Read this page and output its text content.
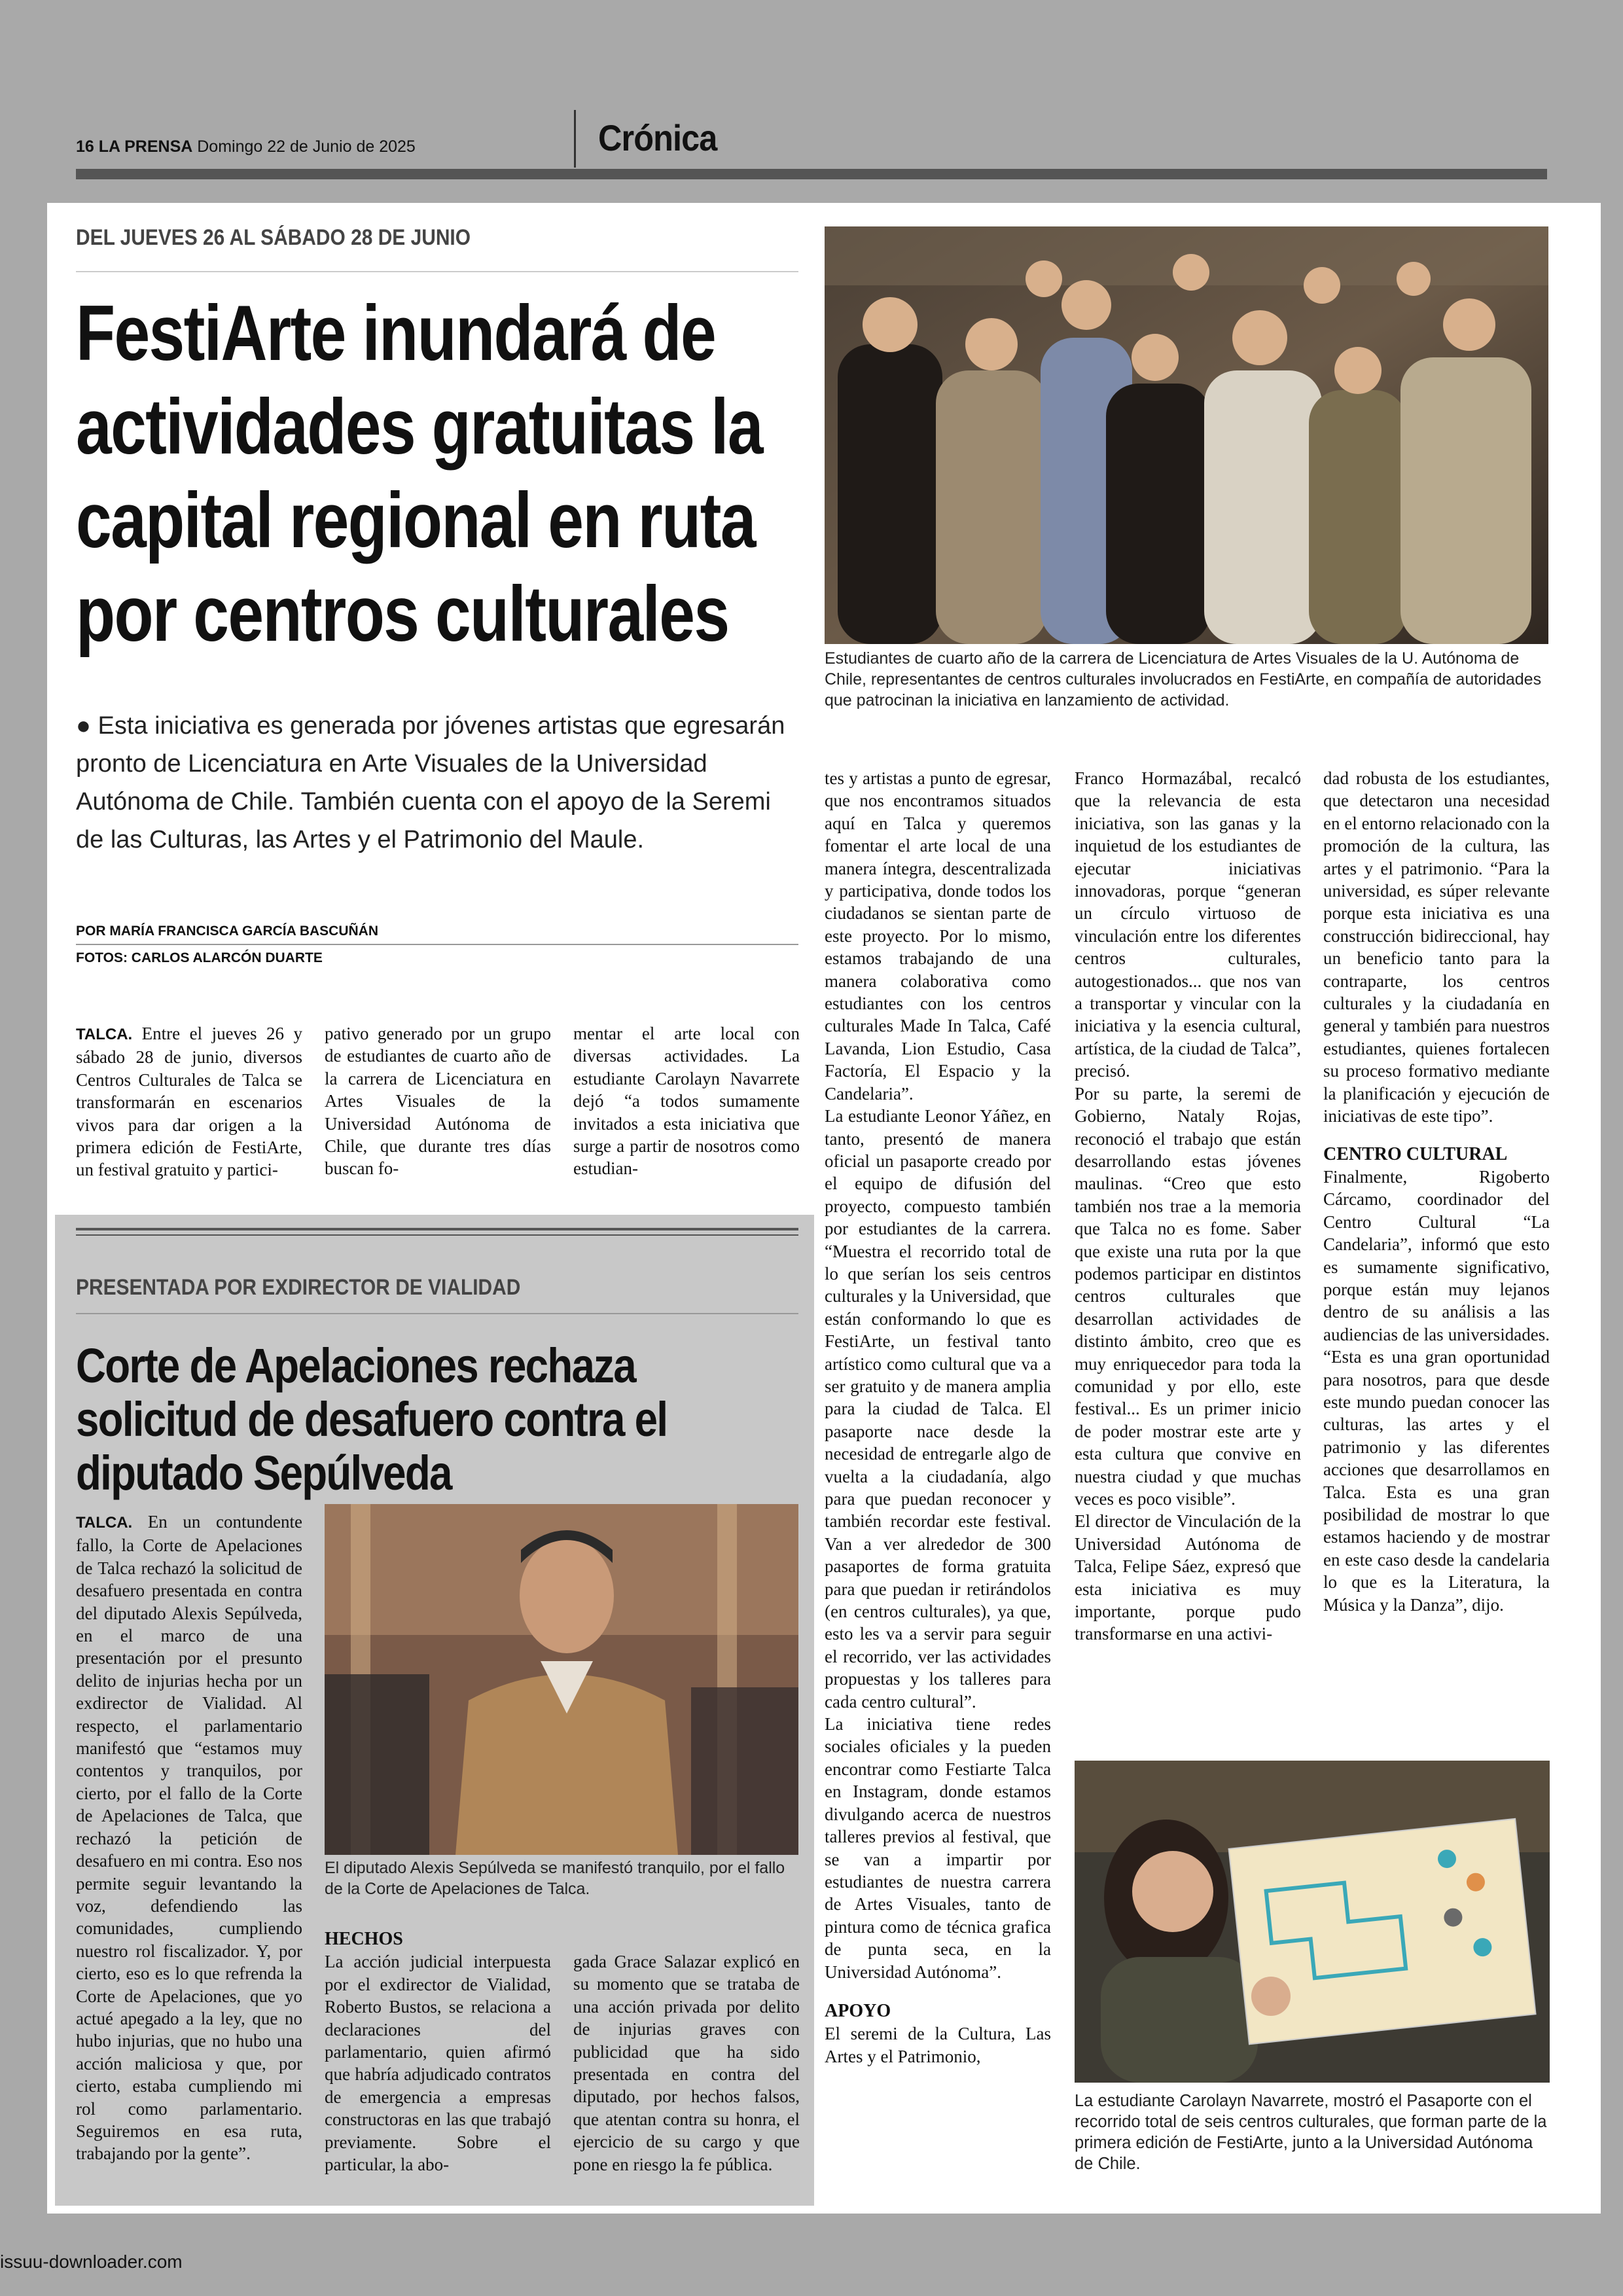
16 LA PRENSA Domingo 22 de Junio de 2025	Crónica
DEL JUEVES 26 AL SÁBADO 28 DE JUNIO
FestiArte inundará de actividades gratuitas la capital regional en ruta por centros culturales
● Esta iniciativa es generada por jóvenes artistas que egresarán pronto de Licenciatura en Arte Visuales de la Universidad Autónoma de Chile. También cuenta con el apoyo de la Seremi de las Culturas, las Artes y el Patrimonio del Maule.
POR MARÍA FRANCISCA GARCÍA BASCUÑÁN
FOTOS: CARLOS ALARCÓN DUARTE
Estudiantes de cuarto año de la carrera de Licenciatura de Artes Visuales de la U. Autónoma de Chile, representantes de centros culturales involucrados en FestiArte, en compañía de autoridades que patrocinan la iniciativa en lanzamiento de actividad.

TALCA. Entre el jueves 26 y sábado 28 de junio, diversos Centros Culturales de Talca se transformarán en escenarios vivos para dar origen a la primera edición de FestiArte, un festival gratuito y partici-

pativo generado por un grupo de estudiantes de cuarto año de la carrera de Licenciatura en Artes Visuales de la Universidad Autónoma de Chile, que durante tres días buscan fo-

mentar el arte local con diversas actividades. La estudiante Carolayn Navarrete dejó “a todos sumamente invitados a esta iniciativa que surge a partir de nosotros como estudian-

tes y artistas a punto de egresar, que nos encontramos situados aquí en Talca y queremos fomentar el arte local de una manera íntegra, descentralizada y participativa, donde todos los ciudadanos se sientan parte de este proyecto. Por lo mismo, estamos trabajando de una manera colaborativa como estudiantes con los centros culturales Made In Talca, Café Lavanda, Lion Estudio, Casa Factoría, El Espacio y la Candelaria”.

La estudiante Leonor Yáñez, en tanto, presentó de manera oficial un pasaporte creado por el equipo de difusión del proyecto, compuesto también por estudiantes de la carrera. “Muestra el recorrido total de lo que serían los seis centros culturales y la Universidad, que están conformando lo que es FestiArte, un festival tanto artístico como cultural que va a ser gratuito y de manera amplia para la ciudad de Talca. El pasaporte nace desde la necesidad de entregarle algo de vuelta a la ciudadanía, algo para que puedan reconocer y también recordar este festival. Van a ver alrededor de 300 pasaportes de forma gratuita para que puedan ir retirándolos (en centros culturales), ya que, esto les va a servir para seguir el recorrido, ver las actividades propuestas y los talleres para cada centro cultural”.

La iniciativa tiene redes sociales oficiales y la pueden encontrar como Festiarte Talca en Instagram, donde estamos divulgando acerca de nuestros talleres previos al festival, que se van a impartir por estudiantes de nuestra carrera de Artes Visuales, tanto de pintura como de técnica grafica de punta seca, en la Universidad Autónoma”.

APOYO

El seremi de la Cultura, Las Artes y el Patrimonio,

Franco Hormazábal, recalcó que la relevancia de esta iniciativa, son las ganas y la inquietud de los estudiantes de ejecutar iniciativas innovadoras, porque “generan un círculo virtuoso de vinculación entre los diferentes centros culturales, autogestionados... que nos van a transportar y vincular con la iniciativa y la esencia cultural, artística, de la ciudad de Talca”, precisó.

Por su parte, la seremi de Gobierno, Nataly Rojas, reconoció el trabajo que están desarrollando estas jóvenes maulinas. “Creo que esto también nos trae a la memoria que Talca no es fome. Saber que existe una ruta por la que podemos participar en distintos centros culturales que desarrollan actividades de distinto ámbito, creo que es muy enriquecedor para toda la comunidad y por ello, este festival... Es un primer inicio de poder mostrar este arte y esta cultura que convive en nuestra ciudad y que muchas veces es poco visible”.

El director de Vinculación de la Universidad Autónoma de Talca, Felipe Sáez, expresó que esta iniciativa es muy importante, porque pudo transformarse en una activi-

dad robusta de los estudiantes, que detectaron una necesidad en el entorno relacionado con la promoción de la cultura, las artes y el patrimonio. “Para la universidad, es súper relevante porque esta iniciativa es una construcción bidireccional, hay un beneficio tanto para la contraparte, los centros culturales y la ciudadanía en general y también para nuestros estudiantes, quienes fortalecen su proceso formativo mediante la planificación y ejecución de iniciativas de este tipo”.

CENTRO CULTURAL

Finalmente, Rigoberto Cárcamo, coordinador del Centro Cultural “La Candelaria”, informó que esto es sumamente significativo, porque están muy lejanos dentro de su análisis a las audiencias de las universidades. “Esta es una gran oportunidad para nosotros, para que desde este mundo puedan conocer las culturas, las artes y el patrimonio y las diferentes acciones que desarrollamos en Talca. Esta es una gran posibilidad de mostrar lo que estamos haciendo y de mostrar en este caso desde la candelaria lo que es la Literatura, la Música y la Danza”, dijo.

La estudiante Carolayn Navarrete, mostró el Pasaporte con el recorrido total de seis centros culturales, que forman parte de la primera edición de FestiArte, junto a la Universidad Autónoma de Chile.
PRESENTADA POR EXDIRECTOR DE VIALIDAD
Corte de Apelaciones rechaza solicitud de desafuero contra el diputado Sepúlveda

TALCA. En un contundente fallo, la Corte de Apelaciones de Talca rechazó la solicitud de desafuero presentada en contra del diputado Alexis Sepúlveda, en el marco de una presentación por el presunto delito de injurias hecha por un exdirector de Vialidad. Al respecto, el parlamentario manifestó que “estamos muy contentos y tranquilos, por cierto, por el fallo de la Corte de Apelaciones de Talca, que rechazó la petición de desafuero en mi contra. Eso nos permite seguir levantando la voz, defendiendo las comunidades, cumpliendo nuestro rol fiscalizador. Y, por cierto, eso es lo que refrenda la Corte de Apelaciones, que yo actué apegado a la ley, que no hubo injurias, que no hubo una acción maliciosa y que, por cierto, estaba cumpliendo mi rol como parlamentario. Seguiremos en esa ruta, trabajando por la gente”.

El diputado Alexis Sepúlveda se manifestó tranquilo, por el fallo de la Corte de Apelaciones de Talca.
HECHOS

La acción judicial interpuesta por el exdirector de Vialidad, Roberto Bustos, se relaciona a declaraciones del parlamentario, quien afirmó que habría adjudicado contratos de emergencia a empresas constructoras en las que trabajó previamente. Sobre el particular, la abo-

gada Grace Salazar explicó en su momento que se trataba de una acción privada por delito de injurias graves con publicidad que ha sido presentada en contra del diputado, por hechos falsos, que atentan contra su honra, el ejercicio de su cargo y que pone en riesgo la fe pública.

issuu-downloader.com
